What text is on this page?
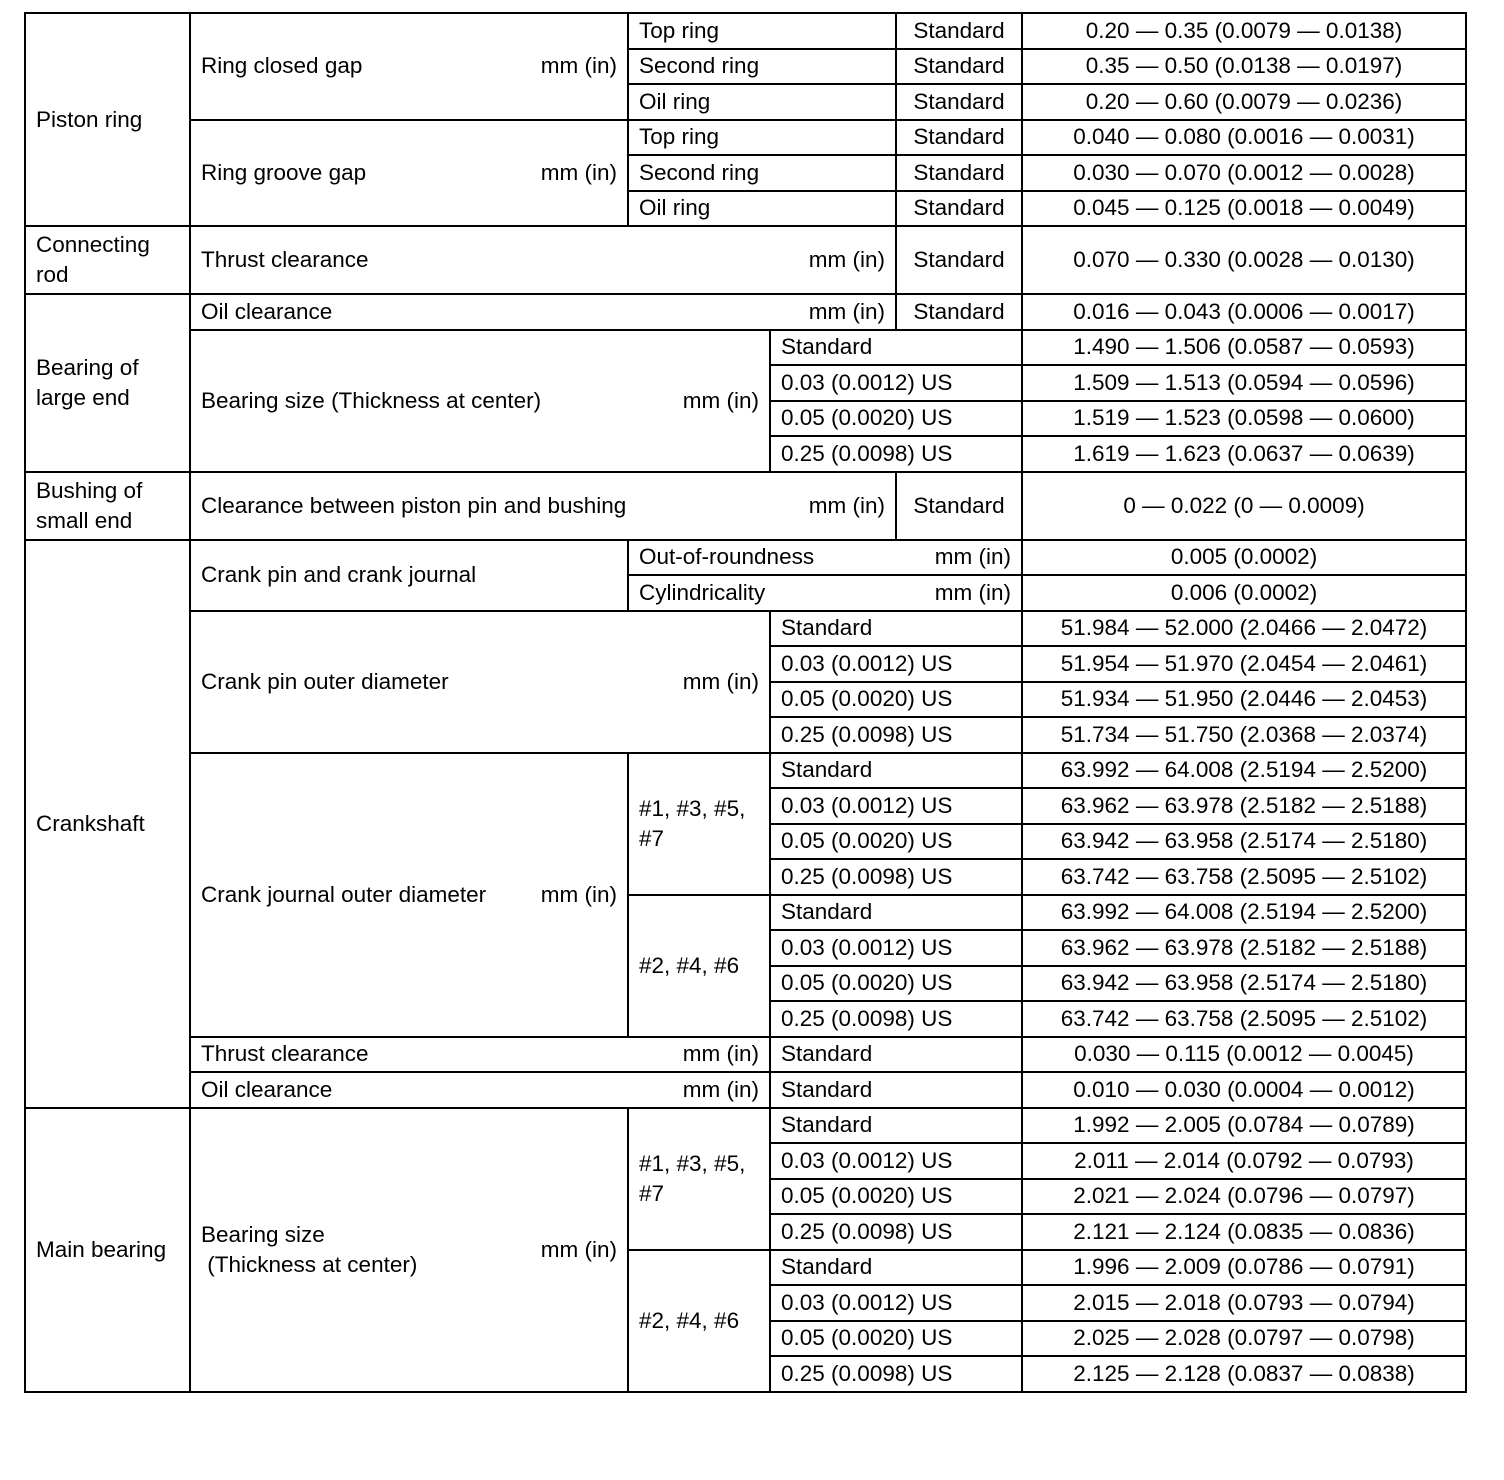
Piston ring	Ring closed gap mm (in)	Top ring		Standard	0.20 — 0.35 (0.0079 — 0.0138)
		Second ring		Standard	0.35 — 0.50 (0.0138 — 0.0197)
		Oil ring		Standard	0.20 — 0.60 (0.0079 — 0.0236)

	Ring groove gap mm (in)	Top ring		Standard	0.040 — 0.080 (0.0016 — 0.0031)
		Second ring		Standard	0.030 — 0.070 (0.0012 — 0.0028)
		Oil ring		Standard	0.045 — 0.125 (0.0018 — 0.0049)
Connecting rod	Thrust clearance mm (in)			Standard	0.070 — 0.330 (0.0028 — 0.0130)
Bearing of large end	Oil clearance mm (in)			Standard	0.016 — 0.043 (0.0006 — 0.0017)

	Bearing size (Thickness at center) mm (in)		Standard		1.490 — 1.506 (0.0587 — 0.0593)
			0.03 (0.0012) US		1.509 — 1.513 (0.0594 — 0.0596)
			0.05 (0.0020) US		1.519 — 1.523 (0.0598 — 0.0600)
			0.25 (0.0098) US		1.619 — 1.623 (0.0637 — 0.0639)
Bushing of small end	Clearance between piston pin and bushing mm (in)			Standard	0 — 0.022 (0 — 0.0009)
Crankshaft	Crank pin and crank journal	Out-of-roundness mm (in)			0.005 (0.0002)

		Cylindricality mm (in)			0.006 (0.0002)

	Crank pin outer diameter mm (in)		Standard		51.984 — 52.000 (2.0466 — 2.0472)
			0.03 (0.0012) US		51.954 — 51.970 (2.0454 — 2.0461)
			0.05 (0.0020) US		51.934 — 51.950 (2.0446 — 2.0453)
			0.25 (0.0098) US		51.734 — 51.750 (2.0368 — 2.0374)

	Crank journal outer diameter mm (in)	#1, #3, #5, #7	Standard		63.992 — 64.008 (2.5194 — 2.5200)
			0.03 (0.0012) US		63.962 — 63.978 (2.5182 — 2.5188)
			0.05 (0.0020) US		63.942 — 63.958 (2.5174 — 2.5180)
			0.25 (0.0098) US		63.742 — 63.758 (2.5095 — 2.5102)
		#2, #4, #6	Standard		63.992 — 64.008 (2.5194 — 2.5200)
			0.03 (0.0012) US		63.962 — 63.978 (2.5182 — 2.5188)
			0.05 (0.0020) US		63.942 — 63.958 (2.5174 — 2.5180)
			0.25 (0.0098) US		63.742 — 63.758 (2.5095 — 2.5102)

	Thrust clearance mm (in)		Standard		0.030 — 0.115 (0.0012 — 0.0045)

	Oil clearance mm (in)		Standard		0.010 — 0.030 (0.0004 — 0.0012)
Main bearing	Bearing size
(Thickness at center)
mm (in)	#1, #3, #5, #7	Standard		1.992 — 2.005 (0.0784 — 0.0789)
			0.03 (0.0012) US		2.011 — 2.014 (0.0792 — 0.0793)
			0.05 (0.0020) US		2.021 — 2.024 (0.0796 — 0.0797)
			0.25 (0.0098) US		2.121 — 2.124 (0.0835 — 0.0836)
		#2, #4, #6	Standard		1.996 — 2.009 (0.0786 — 0.0791)
			0.03 (0.0012) US		2.015 — 2.018 (0.0793 — 0.0794)
			0.05 (0.0020) US		2.025 — 2.028 (0.0797 — 0.0798)
			0.25 (0.0098) US		2.125 — 2.128 (0.0837 — 0.0838)
